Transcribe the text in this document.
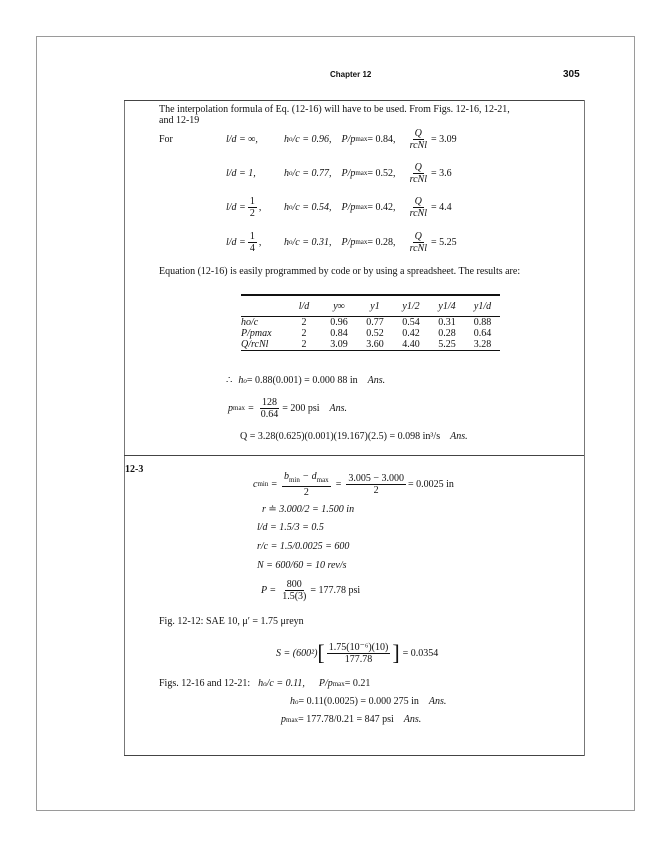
Chapter 12	305
The interpolation formula of Eq. (12-16) will have to be used. From Figs. 12-16, 12-21,
and 12-19
For	l/d = ∞,	h o /c = 0.96, P/p max = 0.84, $\frac{Q}{\text{rcNl}} = 3.09$
l/d = 1,	h o /c = 0.77, P/p max = 0.52, $\frac{Q}{\text{rcNl}} = 3.6$
$l/d = \frac{1}{2}$ , h o /c = 0.54, P/p max = 0.42, $\frac{Q}{\text{rcNl}} = 4.4$
$l/d = \frac{1}{4}$ , h o /c = 0.31, P/p max = 0.28, $\frac{Q}{\text{rcNl}} = 5.25$
Equation (12-16) is easily programmed by code or by using a spreadsheet. The results are:
	l/d	y∞	y1	y1/2	y1/4	y1/d
ho/c	2	0.96	0.77	0.54	0.31	0.88
P/pmax	2	0.84	0.52	0.42	0.28	0.64
Q/rcNl	2	3.09	3.60	4.40	5.25	3.28
∴ h o = 0.88(0.001) = 0.000 88 in Ans.
p $\max = \frac{128}{0.64} = 200$ psi Ans.
Q = 3.28(0.625)(0.001)(19.167)(2.5) = 0.098 in³/s Ans.
12-3
c $\min = \frac{b_{min} - d_{max}}{2} = \frac{3.005 - 3.000}{2} = 0.0025$ in
r ≐ 3.000/2 = 1.500 in
l/d = 1.5/3 = 0.5
r/c = 1.5/0.0025 = 600
N = 600/60 = 10 rev/s
$P = \frac{800}{1.5(3)} = 177.78$ psi
Fig. 12-12: SAE 10, μ′ = 1.75 μreyn
S = (600²) [ $\frac{\text{1.75(10⁻⁶)(10)}}{177.78}$ ] = 0.0354
Figs. 12-16 and 12-21: h o /c = 0.11, P/p max = 0.21
h o = 0.11(0.0025) = 0.000 275 in Ans.
p max = 177.78/0.21 = 847 psi Ans.
